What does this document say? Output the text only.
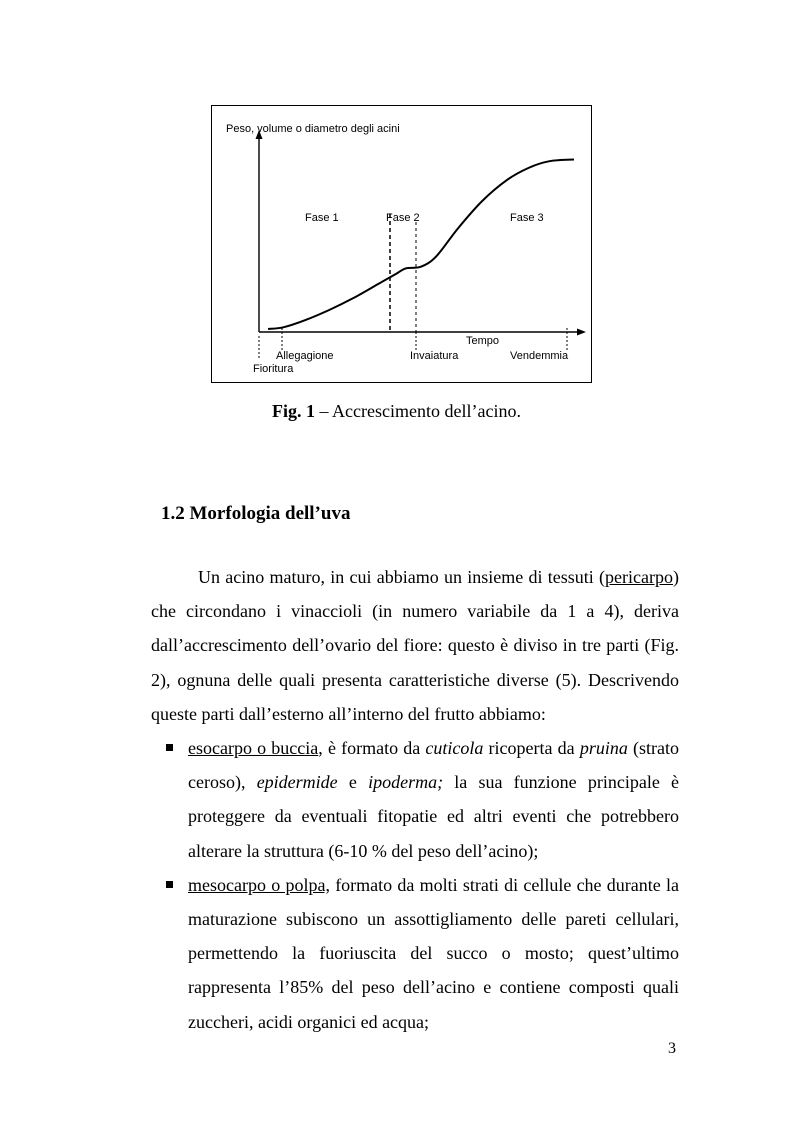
Peso, volume o diametro degli acini
Tempo
Fase 1	Fase 2	Fase 3
Allegagione
Fioritura
Invaiatura	Vendemmia
Fig. 1 – Accrescimento dell’acino.
1.2 Morfologia dell’uva

Un acino maturo, in cui abbiamo un insieme di tessuti (pericarpo) che circondano i vinaccioli (in numero variabile da 1 a 4), deriva dall’accrescimento dell’ovario del fiore: questo è diviso in tre parti (Fig. 2), ognuna delle quali presenta caratteristiche diverse (5). Descrivendo queste parti dall’esterno all’interno del frutto abbiamo:

esocarpo o buccia, è formato da cuticola ricoperta da pruina (strato ceroso), epidermide e ipoderma; la sua funzione principale è proteggere da eventuali fitopatie ed altri eventi che potrebbero alterare la struttura (6-10 % del peso dell’acino);
mesocarpo o polpa, formato da molti strati di cellule che durante la maturazione subiscono un assottigliamento delle pareti cellulari, permettendo la fuoriuscita del succo o mosto; quest’ultimo rappresenta l’85% del peso dell’acino e contiene composti quali zuccheri, acidi organici ed acqua;
3
